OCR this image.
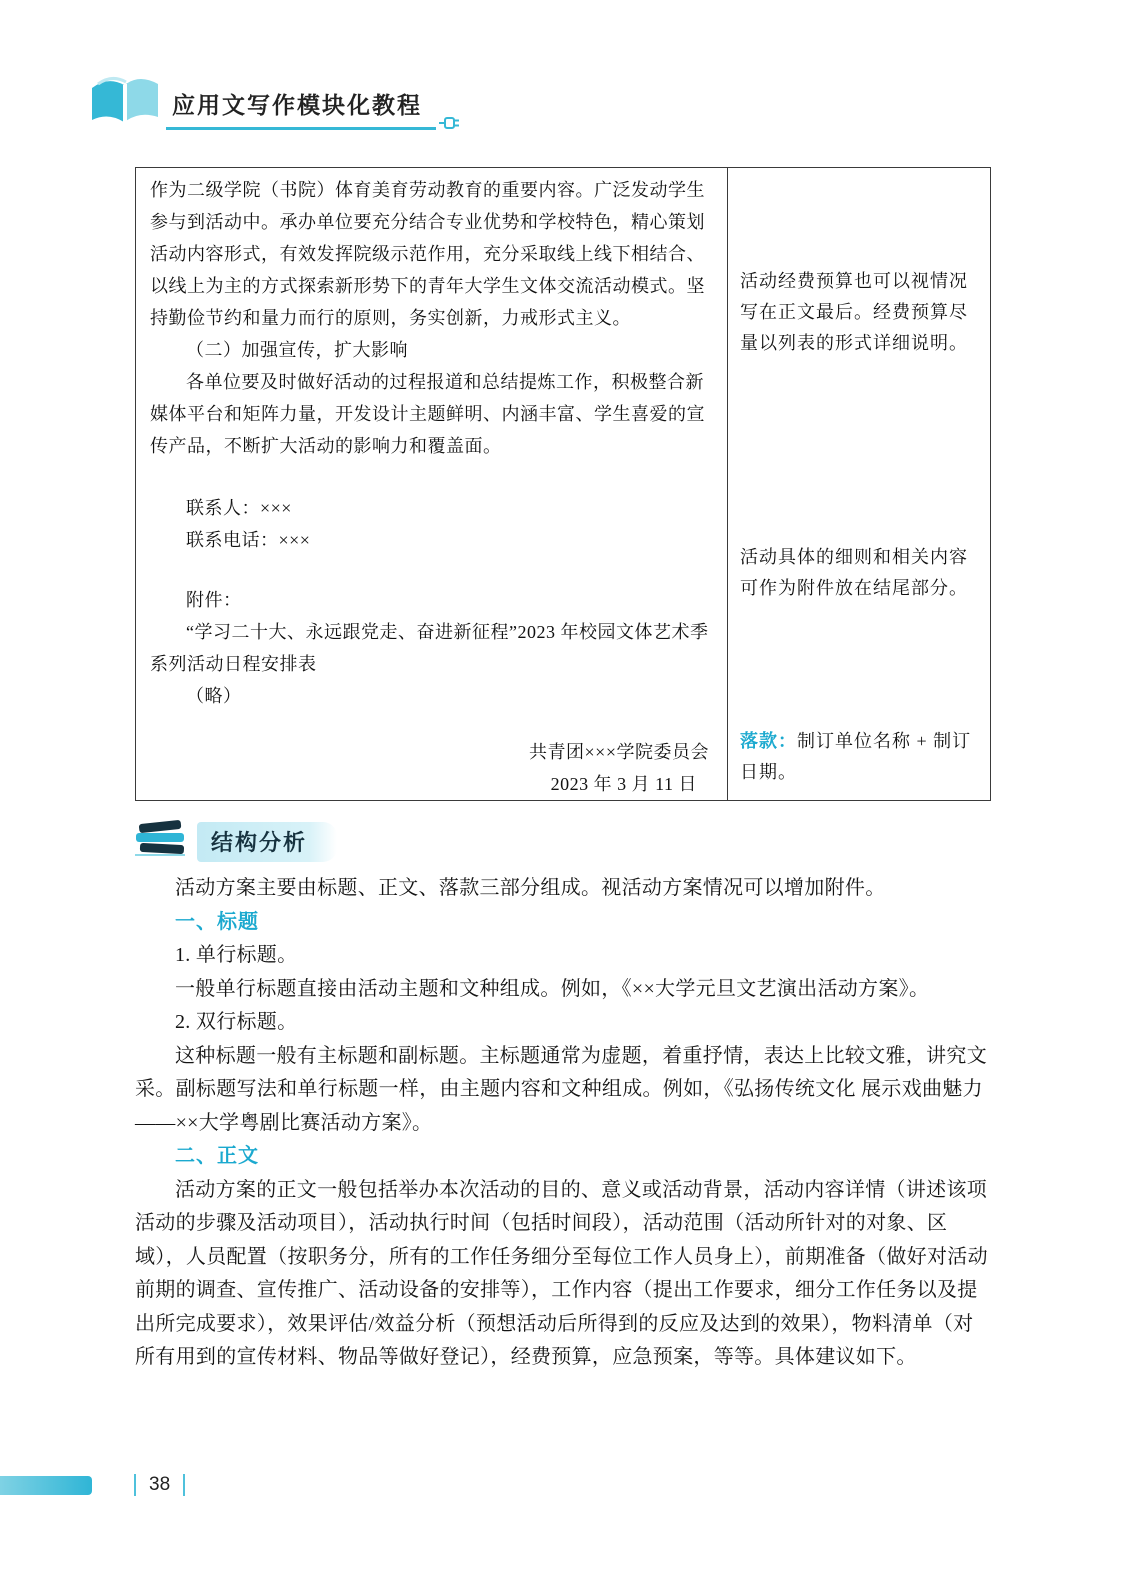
应用文写作模块化教程

作为二级学院（书院）体育美育劳动教育的重要内容。广泛发动学生参与到活动中。承办单位要充分结合专业优势和学校特色，精心策划活动内容形式，有效发挥院级示范作用，充分采取线上线下相结合、以线上为主的方式探索新形势下的青年大学生文体交流活动模式。坚持勤俭节约和量力而行的原则，务实创新，力戒形式主义。

（二）加强宣传，扩大影响

各单位要及时做好活动的过程报道和总结提炼工作，积极整合新媒体平台和矩阵力量，开发设计主题鲜明、内涵丰富、学生喜爱的宣传产品，不断扩大活动的影响力和覆盖面。

联系人：×××

联系电话：×××

附件：

“学习二十大、永远跟党走、奋进新征程”2023 年校园文体艺术季系列活动日程安排表

（略）

共青团×××学院委员会

2023 年 3 月 11 日

活动经费预算也可以视情况写在正文最后。经费预算尽量以列表的形式详细说明。

活动具体的细则和相关内容可作为附件放在结尾部分。

落款：制订单位名称 + 制订日期。

结构分析

活动方案主要由标题、正文、落款三部分组成。视活动方案情况可以增加附件。

一、标题

1. 单行标题。

一般单行标题直接由活动主题和文种组成。例如，《××大学元旦文艺演出活动方案》。

2. 双行标题。

这种标题一般有主标题和副标题。主标题通常为虚题，着重抒情，表达上比较文雅，讲究文采。副标题写法和单行标题一样，由主题内容和文种组成。例如，《弘扬传统文化 展示戏曲魅力——××大学粤剧比赛活动方案》。

二、正文

活动方案的正文一般包括举办本次活动的目的、意义或活动背景，活动内容详情（讲述该项活动的步骤及活动项目），活动执行时间（包括时间段），活动范围（活动所针对的对象、区域），人员配置（按职务分，所有的工作任务细分至每位工作人员身上），前期准备（做好对活动前期的调查、宣传推广、活动设备的安排等），工作内容（提出工作要求，细分工作任务以及提出所完成要求），效果评估/效益分析（预想活动后所得到的反应及达到的效果），物料清单（对所有用到的宣传材料、物品等做好登记），经费预算，应急预案，等等。具体建议如下。

38
